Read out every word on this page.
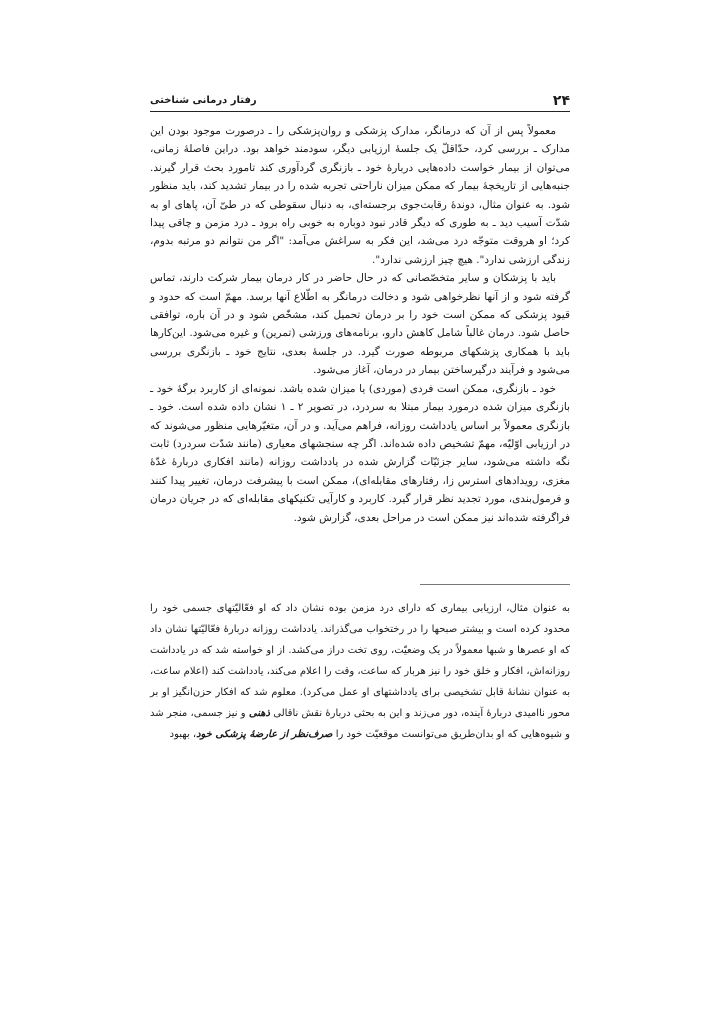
۲۴
رفتار درمانی شناختی

معمولاً پس از آن که درمانگر، مدارک پزشکی و روان‌پزشکی را ـ درصورت موجود بودن این مدارک ـ بررسی کرد، حدّاقلّ یک جلسهٔ ارزیابی دیگر، سودمند خواهد بود. دراین فاصلهٔ زمانی، می‌توان از بیمار خواست داده‌هایی دربارهٔ خود ـ بازنگری گردآوری کند تامورد بحث قرار گیرند. جنبه‌هایی از تاریخچهٔ بیمار که ممکن میزان ناراحتی تجربه شده را در بیمار تشدید کند، باید منظور شود. به عنوان مثال، دوندهٔ رقابت‌جوی برجسته‌ای، به دنبال سقوطی که در طیّ آن، پاهای او به شدّت آسیب دید ـ به طوری که دیگر قادر نبود دوباره به خوبی راه برود ـ درد مزمن و چاقی پیدا کرد؛ او هروقت متوجّه درد می‌شد، این فکر به سراغش می‌آمد: "اگر من نتوانم دو مرتبه بدوم، زندگی ارزشی ندارد". هیچ چیز ارزشی ندارد".

باید با پزشکان و سایر متخصّصانی که در حال حاضر در کار درمان بیمار شرکت دارند، تماس گرفته شود و از آنها نظرخواهی شود و دخالت درمانگر به اطّلاع آنها برسد. مهمّ است که حدود و قیود پزشکی که ممکن است خود را بر درمان تحمیل کند، مشخّص شود و در آن باره، توافقی حاصل شود. درمان غالباً شامل کاهش دارو، برنامه‌های ورزشی (تمرین) و غیره می‌شود. این‌کارها باید با همکاری پزشکهای مربوطه صورت گیرد. در جلسهٔ بعدی، نتایج خود ـ بازنگری بررسی می‌شود و فرآیند درگیرساختن بیمار در درمان، آغاز می‌شود.

خود ـ بازنگری، ممکن است فردی (موردی) یا میزان شده باشد. نمونه‌ای از کاربرد برگهٔ خود ـ بازنگری میزان شده درمورد بیمار مبتلا به سردرد، در تصویر ۲ ـ ۱ نشان داده شده است. خود ـ بازنگری معمولاً بر اساس یادداشت روزانه، فراهم می‌آید. و در آن، متغیّرهایی منظور می‌شوند که در ارزیابی اوّلیّه، مهمّ تشخیص داده شده‌اند. اگر چه سنجشهای معیاری (مانند شدّت سردرد) ثابت نگه داشته می‌شود، سایر جزئیّات گزارش شده در یادداشت روزانه (مانند افکاری دربارهٔ غدّهٔ مغزی، رویدادهای استرس زا، رفتارهای مقابله‌ای)، ممکن است با پیشرفت درمان، تغییر پیدا کنند و فرمول‌بندی، مورد تجدید نظر قرار گیرد. کاربرد و کارآیی تکنیکهای مقابله‌ای که در جریان درمان فراگرفته شده‌اند نیز ممکن است در مراحل بعدی، گزارش شود.

به عنوان مثال، ارزیابی بیماری که دارای درد مزمن بوده نشان داد که او فعّالیّتهای جسمی خود را محدود کرده است و بیشتر صبحها را در رختخواب می‌گذراند. یادداشت روزانه دربارهٔ فعّالیّتها نشان داد که او عصرها و شبها معمولاً در یک وضعیّت، روی تخت دراز می‌کشد. از او خواسته شد که در یادداشت روزانه‌اش، افکار و خلق خود را نیز هربار که ساعت، وقت را اعلام می‌کند، یادداشت کند (اعلام ساعت، به عنوان نشانهٔ قابل تشخیصی برای یادداشتهای او عمل می‌کرد). معلوم شد که افکار حزن‌انگیز او بر محور ناامیدی دربارهٔ آینده، دور می‌زند و این به بحثی دربارهٔ نقش ناقالی ذهنی و نیز جسمی، منجر شد و شیوه‌هایی که او بدان‌طریق می‌توانست موقعیّت خود را صرف‌نظر از عارضهٔ پزشکی خود، بهبود
